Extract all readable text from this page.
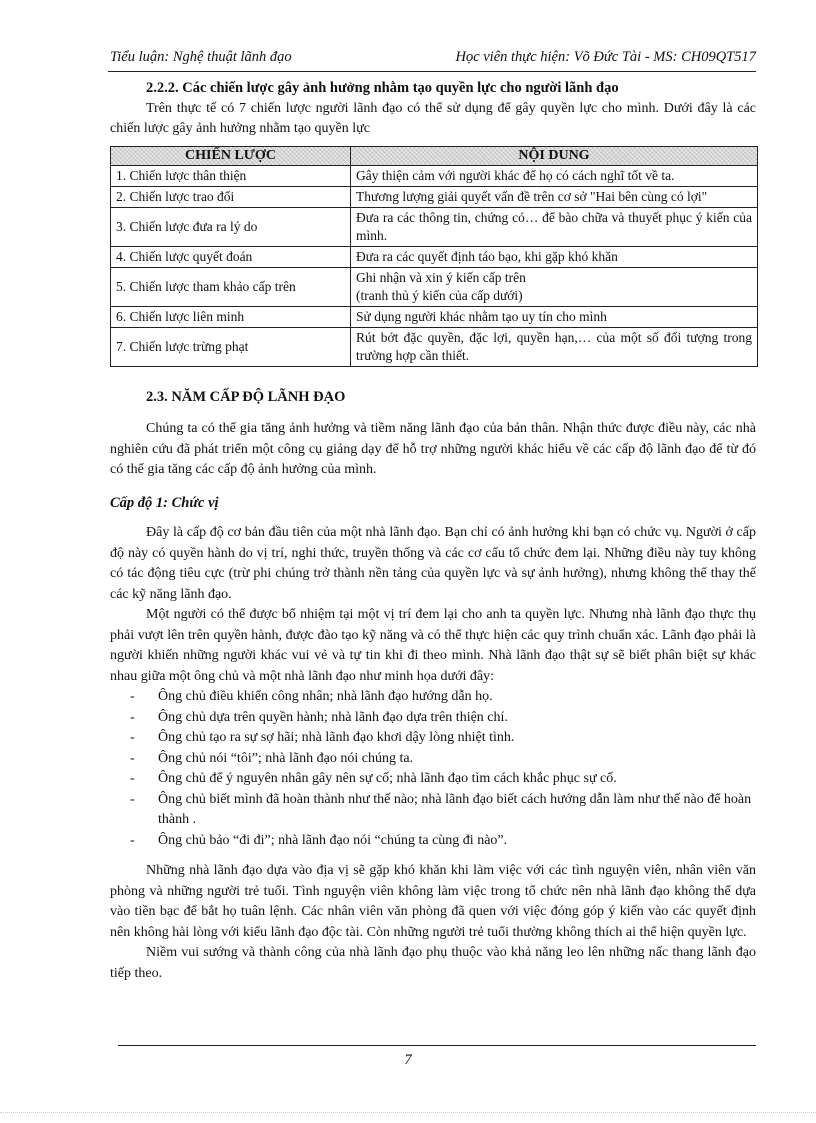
Tiểu luận: Nghệ thuật lãnh đạo	Học viên thực hiện: Võ Đức Tài - MS: CH09QT517
2.2.2. Các chiến lược gây ảnh hưởng nhằm tạo quyền lực cho người lãnh đạo

Trên thực tế có 7 chiến lược người lãnh đạo có thể sử dụng để gây quyền lực cho mình. Dưới đây là các chiến lược gây ảnh hưởng nhằm tạo quyền lực

CHIẾN LƯỢC	NỘI DUNG
1. Chiến lược thân thiện	Gây thiện cảm với người khác để họ có cách nghĩ tốt về ta.
2. Chiến lược trao đổi	Thương lượng giải quyết vấn đề trên cơ sở "Hai bên cùng có lợi"
3. Chiến lược đưa ra lý do	Đưa ra các thông tin, chứng có… để bào chữa và thuyết phục ý kiến của mình.
4. Chiến lược quyết đoán	Đưa ra các quyết định táo bạo, khi gặp khó khăn
5. Chiến lược tham khảo cấp trên	Ghi nhận và xin ý kiến cấp trên
(tranh thủ ý kiến của cấp dưới)
6. Chiến lược liên minh	Sử dụng người khác nhằm tạo uy tín cho mình
7. Chiến lược trừng phạt	Rút bớt đặc quyền, đặc lợi, quyền hạn,… của một số đối tượng trong trường hợp cần thiết.
2.3. NĂM CẤP ĐỘ LÃNH ĐẠO

Chúng ta có thể gia tăng ảnh hưởng và tiềm năng lãnh đạo của bản thân. Nhận thức được điều này, các nhà nghiên cứu đã phát triển một công cụ giảng dạy để hỗ trợ những người khác hiểu về các cấp độ lãnh đạo để từ đó có thể gia tăng các cấp độ ảnh hưởng của mình.

Cấp độ 1: Chức vị

Đây là cấp độ cơ bản đầu tiên của một nhà lãnh đạo. Bạn chỉ có ảnh hưởng khi bạn có chức vụ. Người ở cấp độ này có quyền hành do vị trí, nghi thức, truyền thống và các cơ cấu tổ chức đem lại. Những điều này tuy không có tác động tiêu cực (trừ phi chúng trở thành nền tảng của quyền lực và sự ảnh hưởng), nhưng không thể thay thế các kỹ năng lãnh đạo.

Một người có thể được bổ nhiệm tại một vị trí đem lại cho anh ta quyền lực. Nhưng nhà lãnh đạo thực thụ phải vượt lên trên quyền hành, được đào tạo kỹ năng và có thể thực hiện các quy trình chuẩn xác. Lãnh đạo phải là người khiến những người khác vui vẻ và tự tin khi đi theo mình. Nhà lãnh đạo thật sự sẽ biết phân biệt sự khác nhau giữa một ông chủ và một nhà lãnh đạo như minh họa dưới đây:

- Ông chủ điều khiển công nhân; nhà lãnh đạo hướng dẫn họ.
- Ông chủ dựa trên quyền hành; nhà lãnh đạo dựa trên thiện chí.
- Ông chủ tạo ra sự sợ hãi; nhà lãnh đạo khơi dậy lòng nhiệt tình.
- Ông chủ nói “tôi”; nhà lãnh đạo nói chúng ta.
- Ông chủ để ý nguyên nhân gây nên sự cố; nhà lãnh đạo tìm cách khắc phục sự cố.
- Ông chủ biết mình đã hoàn thành như thế nào; nhà lãnh đạo biết cách hướng dẫn làm như thế nào để hoàn thành .
- Ông chủ bảo “đi đi”; nhà lãnh đạo nói “chúng ta cùng đi nào”.

Những nhà lãnh đạo dựa vào địa vị sẽ gặp khó khăn khi làm việc với các tình nguyện viên, nhân viên văn phòng và những người trẻ tuổi. Tình nguyện viên không làm việc trong tổ chức nên nhà lãnh đạo không thể dựa vào tiền bạc để bắt họ tuân lệnh. Các nhân viên văn phòng đã quen với việc đóng góp ý kiến vào các quyết định nên không hài lòng với kiểu lãnh đạo độc tài. Còn những người trẻ tuổi thường không thích ai thể hiện quyền lực.

Niềm vui sướng và thành công của nhà lãnh đạo phụ thuộc vào khả năng leo lên những nấc thang lãnh đạo tiếp theo.

7
